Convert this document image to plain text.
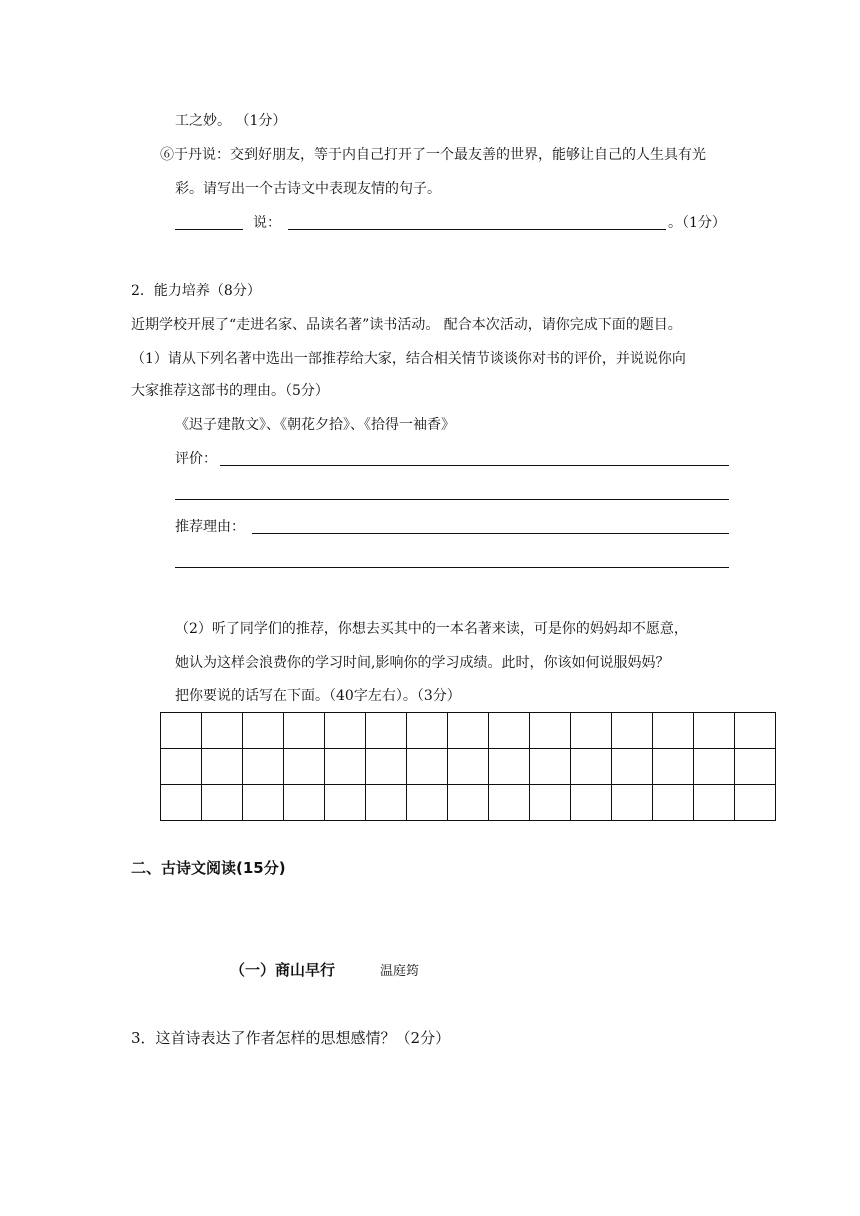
工之妙。 （1分）
⑥于丹说：交到好朋友，等于内自己打开了一个最友善的世界，能够让自己的人生具有光
彩。请写出一个古诗文中表现友情的句子。
说：	。（1分）
2．能力培养（8分）
近期学校开展了“走进名家、品读名著”读书活动。 配合本次活动，请你完成下面的题目。
（1）请从下列名著中选出一部推荐给大家，结合相关情节谈谈你对书的评价，并说说你向
大家推荐这部书的理由。（5分）
《迟子建散文》、《朝花夕拾》、《拾得一袖香》
评价：
推荐理由：
（2）听了同学们的推荐，你想去买其中的一本名著来读，可是你的妈妈却不愿意，
她认为这样会浪费你的学习时间,影响你的学习成绩。此时，你该如何说服妈妈？
把你要说的话写在下面。（40字左右）。（3分）

二、古诗文阅读(15分)
（一）商山早行	温庭筠
3．这首诗表达了作者怎样的思想感情？（2分）
